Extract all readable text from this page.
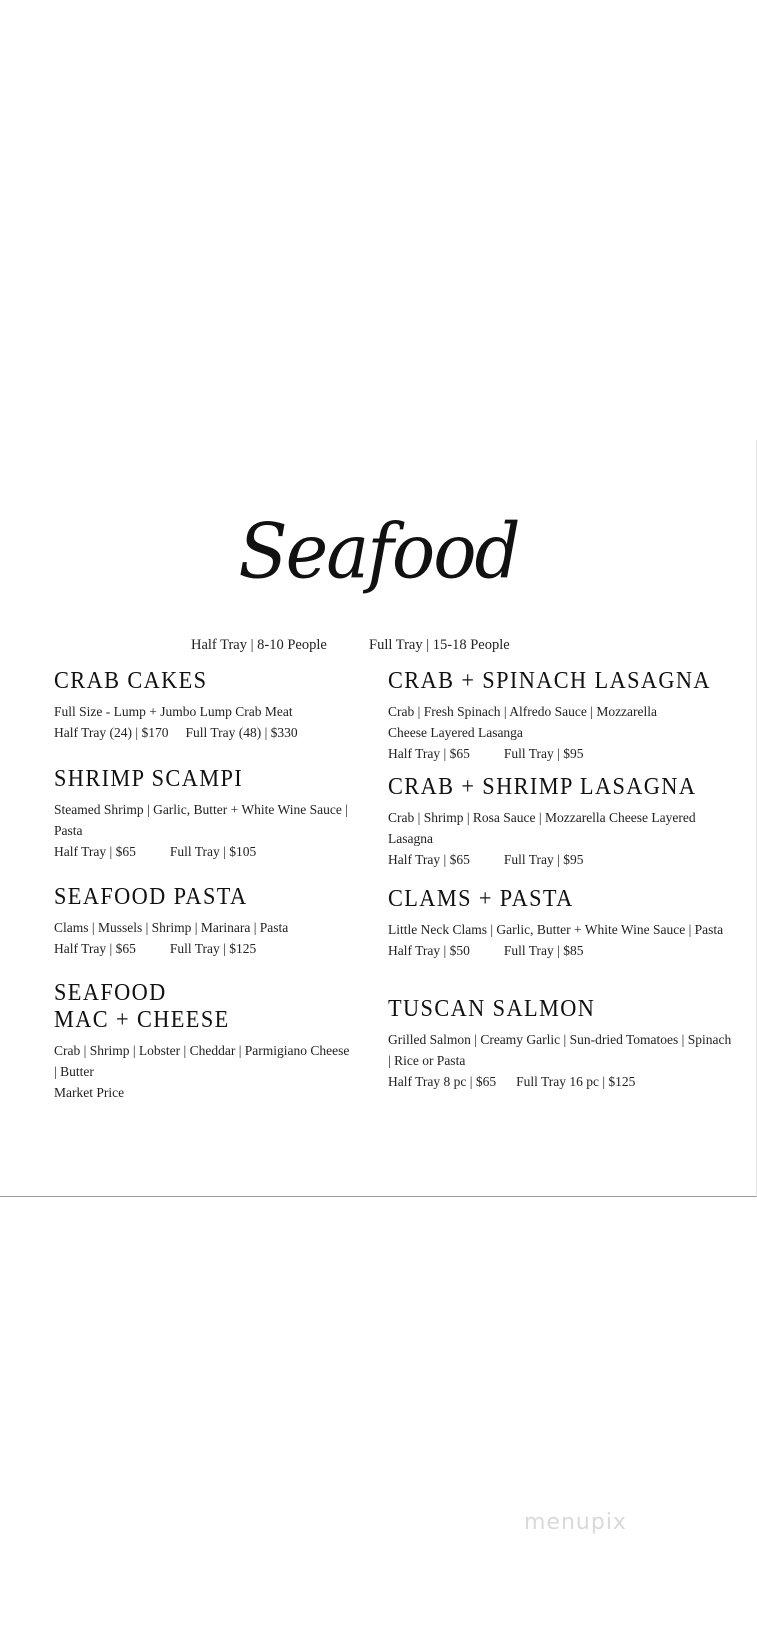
Seafood
Half Tray | 8-10 People	Full Tray | 15-18 People
CRAB CAKES
Full Size - Lump + Jumbo Lump Crab Meat
Half Tray (24) | $170 Full Tray (48) | $330
SHRIMP SCAMPI
Steamed Shrimp | Garlic, Butter + White Wine Sauce | Pasta
Half Tray | $65	Full Tray | $105
SEAFOOD PASTA
Clams | Mussels | Shrimp | Marinara | Pasta
Half Tray | $65	Full Tray | $125
SEAFOOD
MAC + CHEESE
Crab | Shrimp | Lobster | Cheddar | Parmigiano Cheese | Butter
Market Price
CRAB + SPINACH LASAGNA
Crab | Fresh Spinach | Alfredo Sauce | Mozzarella Cheese Layered Lasanga
Half Tray | $65	Full Tray | $95
CRAB + SHRIMP LASAGNA
Crab | Shrimp | Rosa Sauce | Mozzarella Cheese Layered Lasagna
Half Tray | $65	Full Tray | $95
CLAMS + PASTA
Little Neck Clams | Garlic, Butter + White Wine Sauce | Pasta
Half Tray | $50	Full Tray | $85
TUSCAN SALMON
Grilled Salmon | Creamy Garlic | Sun-dried Tomatoes | Spinach | Rice or Pasta
Half Tray 8 pc | $65 Full Tray 16 pc | $125
menupix
